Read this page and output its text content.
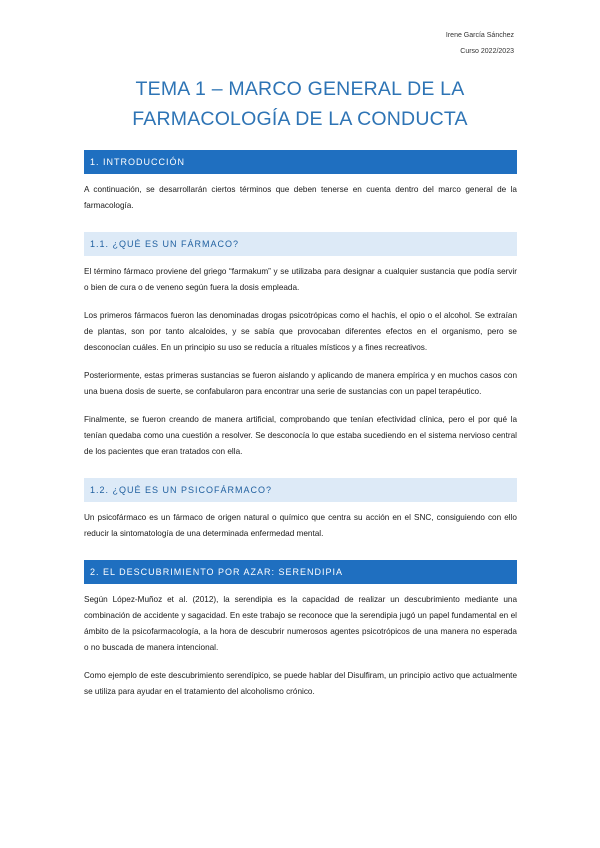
Irene García Sánchez
Curso 2022/2023
TEMA 1 – MARCO GENERAL DE LA
FARMACOLOGÍA DE LA CONDUCTA
1. INTRODUCCIÓN

A continuación, se desarrollarán ciertos términos que deben tenerse en cuenta dentro del marco general de la farmacología.

1.1. ¿QUÉ ES UN FÁRMACO?

El término fármaco proviene del griego “farmakum” y se utilizaba para designar a cualquier sustancia que podía servir o bien de cura o de veneno según fuera la dosis empleada.

Los primeros fármacos fueron las denominadas drogas psicotrópicas como el hachís, el opio o el alcohol. Se extraían de plantas, son por tanto alcaloides, y se sabía que provocaban diferentes efectos en el organismo, pero se desconocían cuáles. En un principio su uso se reducía a rituales místicos y a fines recreativos.

Posteriormente, estas primeras sustancias se fueron aislando y aplicando de manera empírica y en muchos casos con una buena dosis de suerte, se confabularon para encontrar una serie de sustancias con un papel terapéutico.

Finalmente, se fueron creando de manera artificial, comprobando que tenían efectividad clínica, pero el por qué la tenían quedaba como una cuestión a resolver. Se desconocía lo que estaba sucediendo en el sistema nervioso central de los pacientes que eran tratados con ella.

1.2. ¿QUÉ ES UN PSICOFÁRMACO?

Un psicofármaco es un fármaco de origen natural o químico que centra su acción en el SNC, consiguiendo con ello reducir la sintomatología de una determinada enfermedad mental.

2. EL DESCUBRIMIENTO POR AZAR: SERENDIPIA

Según López-Muñoz et al. (2012), la serendipia es la capacidad de realizar un descubrimiento mediante una combinación de accidente y sagacidad. En este trabajo se reconoce que la serendipia jugó un papel fundamental en el ámbito de la psicofarmacología, a la hora de descubrir numerosos agentes psicotrópicos de una manera no esperada o no buscada de manera intencional.

Como ejemplo de este descubrimiento serendípico, se puede hablar del Disulfiram, un principio activo que actualmente se utiliza para ayudar en el tratamiento del alcoholismo crónico.
